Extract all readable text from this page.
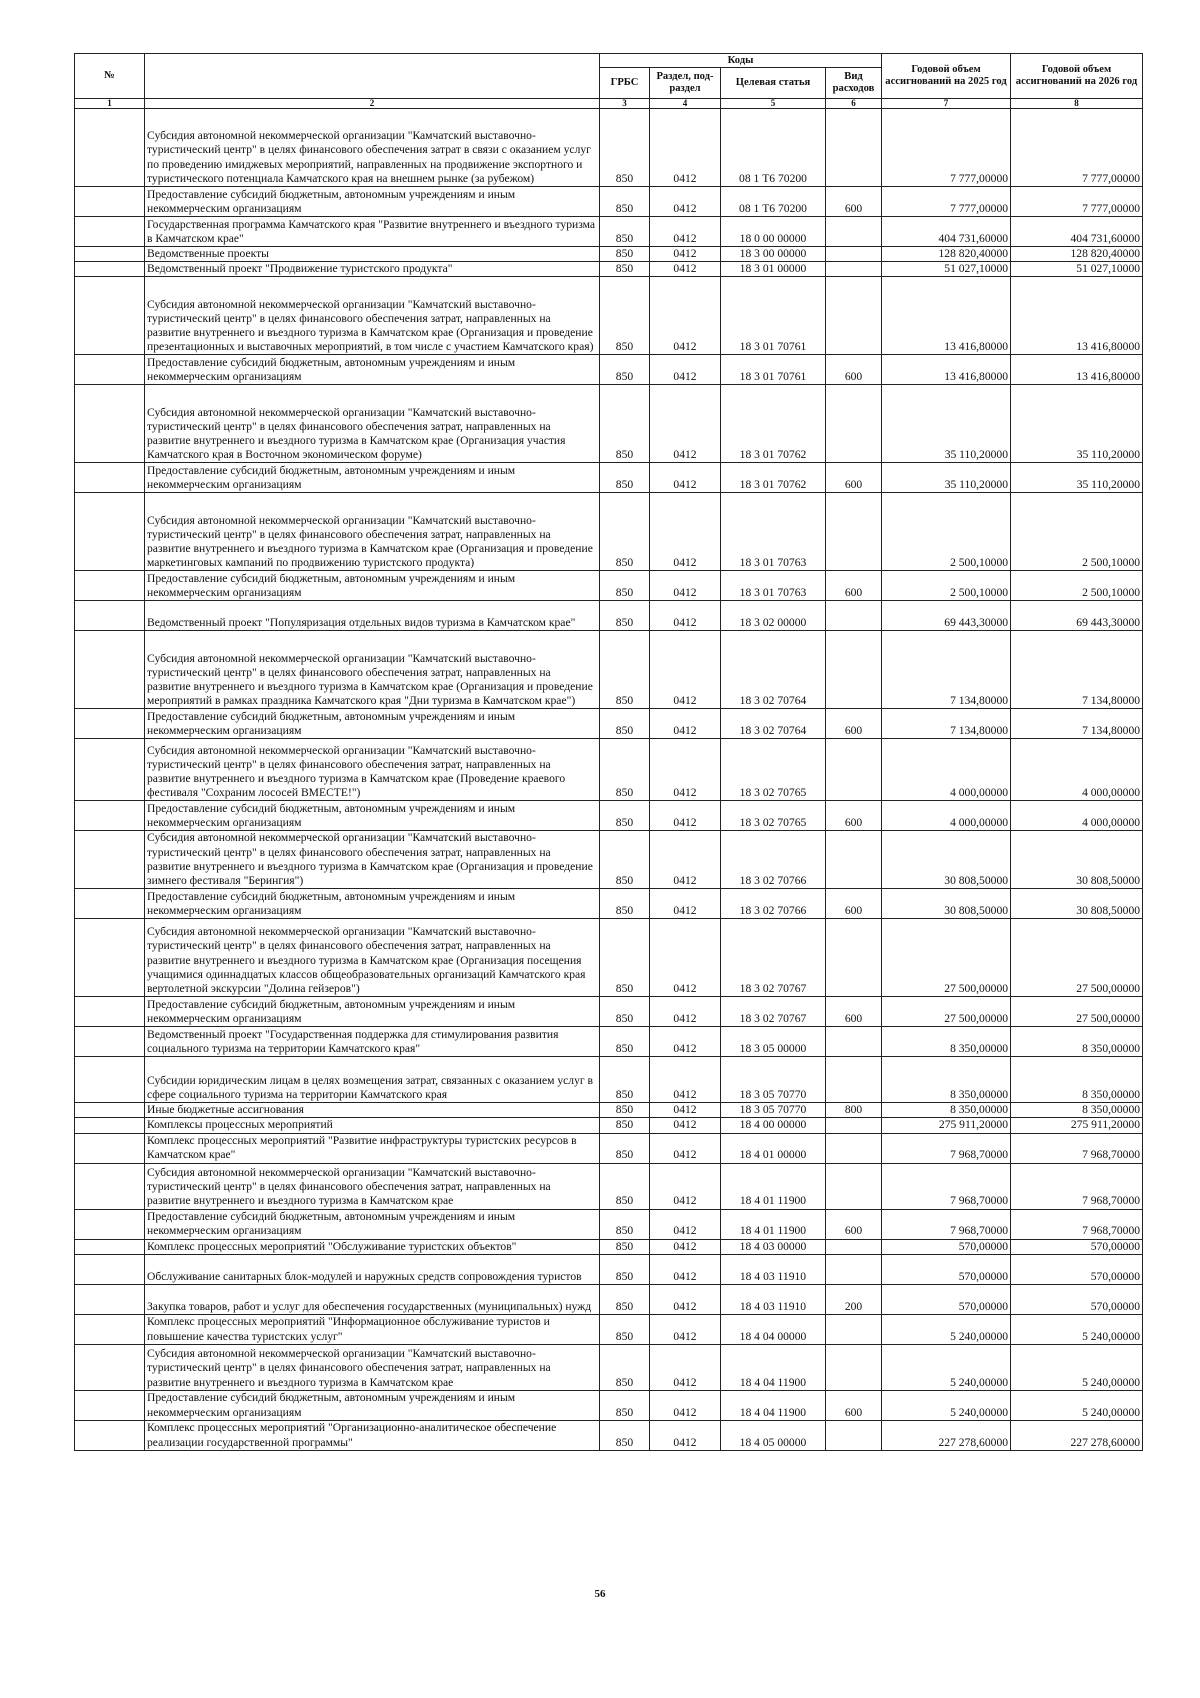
№		Коды				Годовой объем ассигнований на 2025 год	Годовой объем ассигнований на 2026 год
		ГРБС	Раздел, под-раздел	Целевая статья	Вид расходов		
1	2	3	4	5	6	7	8
	Субсидия автономной некоммерческой организации "Камчатский выставочно-туристический центр" в целях финансового обеспечения затрат в связи с оказанием услуг по проведению имиджевых мероприятий, направленных на продвижение экспортного и туристического потенциала Камчатского края на внешнем рынке (за рубежом)	850	0412	08 1 Т6 70200		7 777,00000	7 777,00000
	Предоставление субсидий бюджетным, автономным учреждениям и иным некоммерческим организациям	850	0412	08 1 Т6 70200	600	7 777,00000	7 777,00000
	Государственная программа Камчатского края "Развитие внутреннего и въездного туризма в Камчатском крае"	850	0412	18 0 00 00000		404 731,60000	404 731,60000
	Ведомственные проекты	850	0412	18 3 00 00000		128 820,40000	128 820,40000
	Ведомственный проект "Продвижение туристского продукта"	850	0412	18 3 01 00000		51 027,10000	51 027,10000
	Субсидия автономной некоммерческой организации "Камчатский выставочно-туристический центр" в целях финансового обеспечения затрат, направленных на развитие внутреннего и въездного туризма в Камчатском крае (Организация и проведение презентационных и выставочных мероприятий, в том числе с участием Камчатского края)	850	0412	18 3 01 70761		13 416,80000	13 416,80000
	Предоставление субсидий бюджетным, автономным учреждениям и иным некоммерческим организациям	850	0412	18 3 01 70761	600	13 416,80000	13 416,80000
	Субсидия автономной некоммерческой организации "Камчатский выставочно-туристический центр" в целях финансового обеспечения затрат, направленных на развитие внутреннего и въездного туризма в Камчатском крае (Организация участия Камчатского края в Восточном экономическом форуме)	850	0412	18 3 01 70762		35 110,20000	35 110,20000
	Предоставление субсидий бюджетным, автономным учреждениям и иным некоммерческим организациям	850	0412	18 3 01 70762	600	35 110,20000	35 110,20000
	Субсидия автономной некоммерческой организации "Камчатский выставочно-туристический центр" в целях финансового обеспечения затрат, направленных на развитие внутреннего и въездного туризма в Камчатском крае (Организация и проведение маркетинговых кампаний по продвижению туристского продукта)	850	0412	18 3 01 70763		2 500,10000	2 500,10000
	Предоставление субсидий бюджетным, автономным учреждениям и иным некоммерческим организациям	850	0412	18 3 01 70763	600	2 500,10000	2 500,10000
	Ведомственный проект "Популяризация отдельных видов туризма в Камчатском крае"	850	0412	18 3 02 00000		69 443,30000	69 443,30000
	Субсидия автономной некоммерческой организации "Камчатский выставочно-туристический центр" в целях финансового обеспечения затрат, направленных на развитие внутреннего и въездного туризма в Камчатском крае (Организация и проведение мероприятий в рамках праздника Камчатского края "Дни туризма в Камчатском крае")	850	0412	18 3 02 70764		7 134,80000	7 134,80000
	Предоставление субсидий бюджетным, автономным учреждениям и иным некоммерческим организациям	850	0412	18 3 02 70764	600	7 134,80000	7 134,80000
	Субсидия автономной некоммерческой организации "Камчатский выставочно-туристический центр" в целях финансового обеспечения затрат, направленных на развитие внутреннего и въездного туризма в Камчатском крае (Проведение краевого фестиваля "Сохраним лососей ВМЕСТЕ!")	850	0412	18 3 02 70765		4 000,00000	4 000,00000
	Предоставление субсидий бюджетным, автономным учреждениям и иным некоммерческим организациям	850	0412	18 3 02 70765	600	4 000,00000	4 000,00000
	Субсидия автономной некоммерческой организации "Камчатский выставочно-туристический центр" в целях финансового обеспечения затрат, направленных на развитие внутреннего и въездного туризма в Камчатском крае (Организация и проведение зимнего фестиваля "Берингия")	850	0412	18 3 02 70766		30 808,50000	30 808,50000
	Предоставление субсидий бюджетным, автономным учреждениям и иным некоммерческим организациям	850	0412	18 3 02 70766	600	30 808,50000	30 808,50000
	Субсидия автономной некоммерческой организации "Камчатский выставочно-туристический центр" в целях финансового обеспечения затрат, направленных на развитие внутреннего и въездного туризма в Камчатском крае (Организация посещения учащимися одиннадцатых классов общеобразовательных организаций Камчатского края вертолетной экскурсии "Долина гейзеров")	850	0412	18 3 02 70767		27 500,00000	27 500,00000
	Предоставление субсидий бюджетным, автономным учреждениям и иным некоммерческим организациям	850	0412	18 3 02 70767	600	27 500,00000	27 500,00000
	Ведомственный проект "Государственная поддержка для стимулирования развития социального туризма на территории Камчатского края"	850	0412	18 3 05 00000		8 350,00000	8 350,00000
	Субсидии юридическим лицам в целях возмещения затрат, связанных с оказанием услуг в сфере социального туризма на территории Камчатского края	850	0412	18 3 05 70770		8 350,00000	8 350,00000
	Иные бюджетные ассигнования	850	0412	18 3 05 70770	800	8 350,00000	8 350,00000
	Комплексы процессных мероприятий	850	0412	18 4 00 00000		275 911,20000	275 911,20000
	Комплекс процессных мероприятий "Развитие инфраструктуры туристских ресурсов в Камчатском крае"	850	0412	18 4 01 00000		7 968,70000	7 968,70000
	Субсидия автономной некоммерческой организации "Камчатский выставочно-туристический центр" в целях финансового обеспечения затрат, направленных на развитие внутреннего и въездного туризма в Камчатском крае	850	0412	18 4 01 11900		7 968,70000	7 968,70000
	Предоставление субсидий бюджетным, автономным учреждениям и иным некоммерческим организациям	850	0412	18 4 01 11900	600	7 968,70000	7 968,70000
	Комплекс процессных мероприятий "Обслуживание туристских объектов"	850	0412	18 4 03 00000		570,00000	570,00000
	Обслуживание санитарных блок-модулей и наружных средств сопровождения туристов	850	0412	18 4 03 11910		570,00000	570,00000
	Закупка товаров, работ и услуг для обеспечения государственных (муниципальных) нужд	850	0412	18 4 03 11910	200	570,00000	570,00000
	Комплекс процессных мероприятий "Информационное обслуживание туристов и повышение качества туристских услуг"	850	0412	18 4 04 00000		5 240,00000	5 240,00000
	Субсидия автономной некоммерческой организации "Камчатский выставочно-туристический центр" в целях финансового обеспечения затрат, направленных на развитие внутреннего и въездного туризма в Камчатском крае	850	0412	18 4 04 11900		5 240,00000	5 240,00000
	Предоставление субсидий бюджетным, автономным учреждениям и иным некоммерческим организациям	850	0412	18 4 04 11900	600	5 240,00000	5 240,00000
	Комплекс процессных мероприятий "Организационно-аналитическое обеспечение реализации государственной программы"	850	0412	18 4 05 00000		227 278,60000	227 278,60000
56
